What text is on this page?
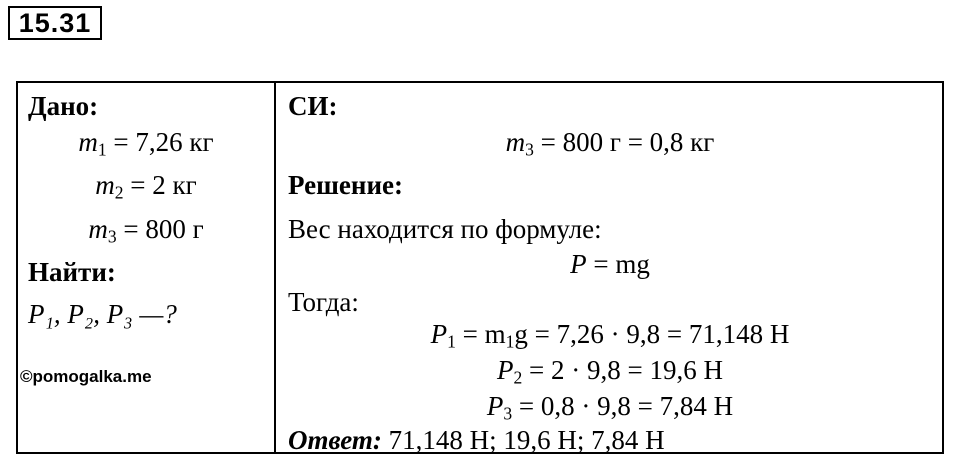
15.31
Дано:
$m_1 = 7,26$ кг
$m_2 = 2$ кг
$m_3 = 800$ г
Найти:
P₁, P₂, P₃ —?
©pomogalka.me
СИ:
$m_3 = 800$ г = 0,8 кг
Решение:
Вес находится по формуле:
P = mg
Тогда:
$P_1 = m_1g = 7,26 \cdot 9,8 = 71,148$ Н
$P_2 = 2 \cdot 9,8 = 19,6$ Н
$P_3 = 0,8 \cdot 9,8 = 7,84$ Н
Ответ: 71,148 Н; 19,6 Н; 7,84 Н
